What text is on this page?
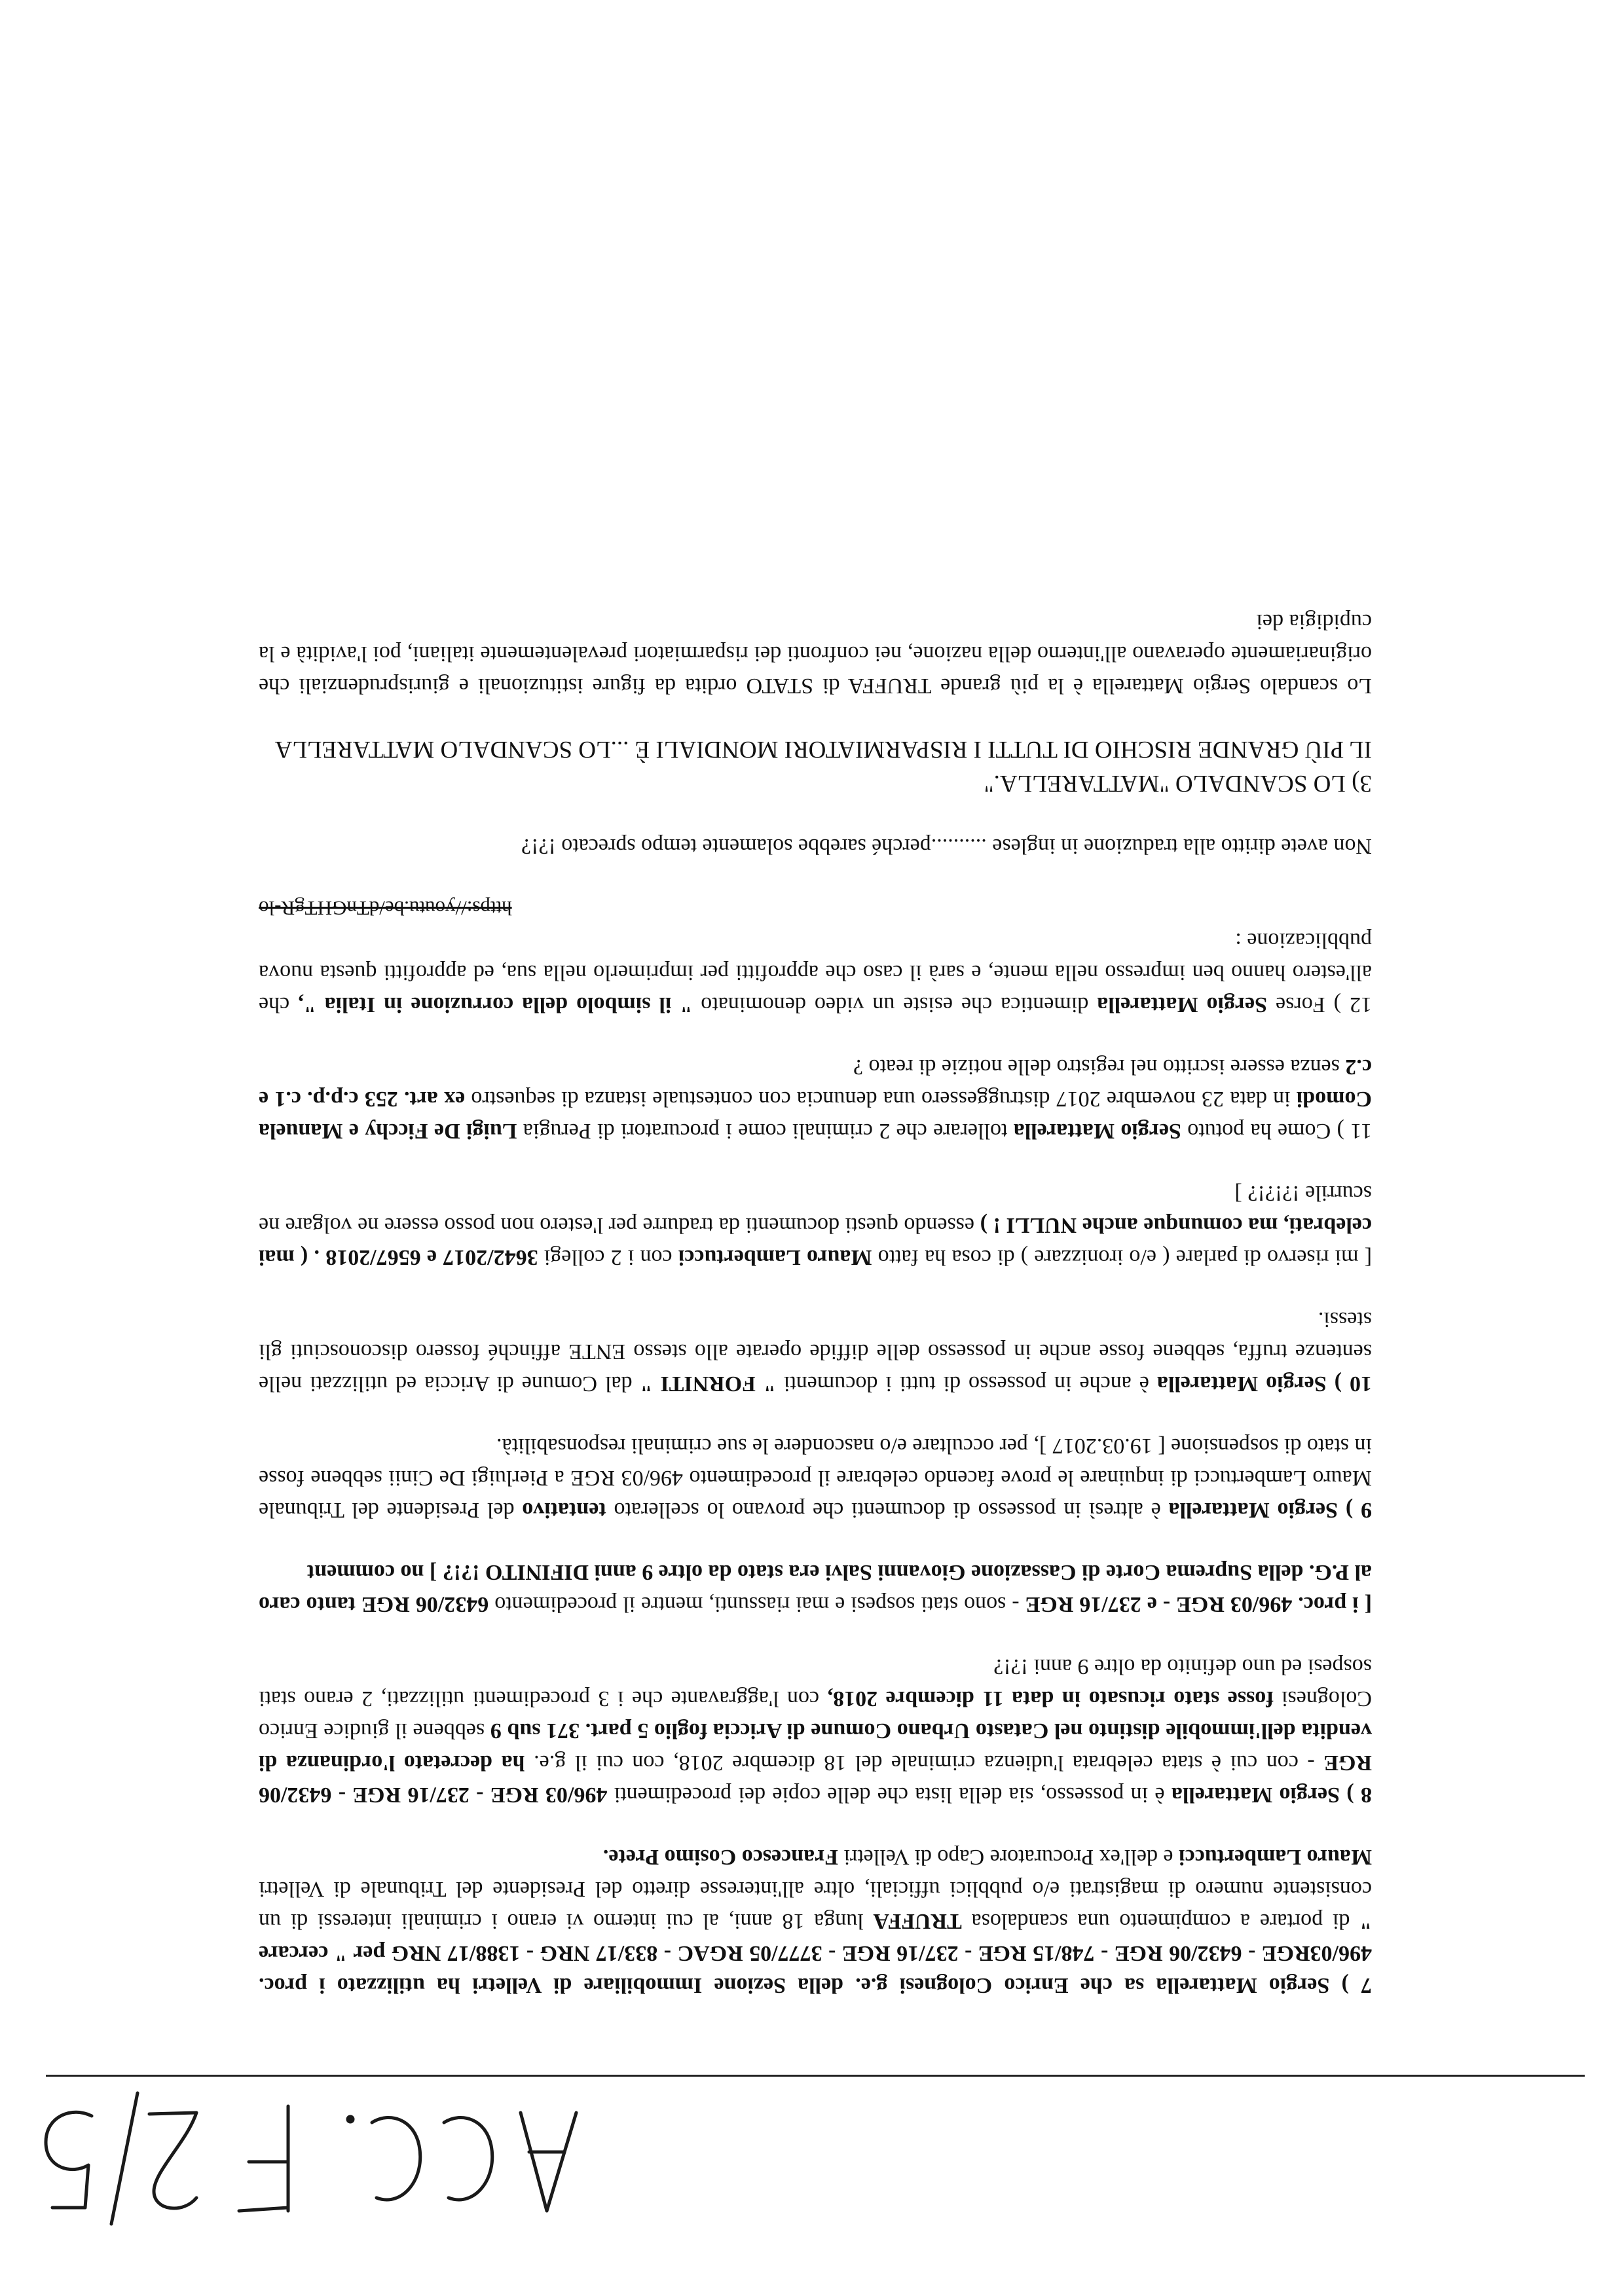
7 ) Sergio Mattarella sa che Enrico Colognesi g.e. della Sezione Immobiliare di Velletri ha utilizzato i proc. 496/03RGE - 6432/06 RGE - 748/15 RGE - 237/16 RGE - 3777/05 RGAC - 833/17 NRG - 1388/17 NRG per " cercare " di portare a compimento una scandalosa TRUFFA lunga 18 anni, al cui interno vi erano i criminali interessi di un consistente numero di magistrati e/o pubblici ufficiali, oltre all'interesse diretto del Presidente del Tribunale di Velletri Mauro Lambertucci e dell'ex Procuratore Capo di Velletri Francesco Cosimo Prete.

8 ) Sergio Mattarella è in possesso, sia della lista che delle copie dei procedimenti 496/03 RGE - 237/16 RGE - 6432/06 RGE - con cui è stata celebrata l'udienza criminale del 18 dicembre 2018, con cui il g.e. ha decretato l'ordinanza di vendita dell'immobile distinto nel Catasto Urbano Comune di Ariccia foglio 5 part. 371 sub 9 sebbene il giudice Enrico Colognesi fosse stato ricusato in data 11 dicembre 2018, con l'aggravante che i 3 procedimenti utilizzati, 2 erano stati sospesi ed uno definito da oltre 9 anni !?!?

[ i proc. 496/03 RGE - e 237/16 RGE - sono stati sospesi e mai riassunti, mentre il procedimento 6432/06 RGE tanto caro al P.G. della Suprema Corte di Cassazione Giovanni Salvi era stato da oltre 9 anni DIFINITO !?!? ] no comment

9 ) Sergio Mattarella è altresì in possesso di documenti che provano lo scellerato tentativo del Presidente del Tribunale Mauro Lambertucci di inquinare le prove facendo celebrare il procedimento 496/03 RGE a Pierluigi De Cinii sebbene fosse in stato di sospensione [ 19.03.2017 ], per occultare e/o nascondere le sue criminali responsabilità.

10 ) Sergio Mattarella è anche in possesso di tutti i documenti " FORNITI " dal Comune di Ariccia ed utilizzati nelle sentenze truffa, sebbene fosse anche in possesso delle diffide operate allo stesso ENTE affinché fossero disconosciuti gli stessi.

[ mi riservo di parlare ( e/o ironizzare ) di cosa ha fatto Mauro Lambertucci con i 2 collegi 3642/2017 e 6567/2018 . ( mai celebrati, ma comunque anche NULLI ! ) essendo questi documenti da tradurre per l'estero non posso essere ne volgare ne scurrile !?!?!? ]

11 ) Come ha potuto Sergio Mattarella tollerare che 2 criminali come i procuratori di Perugia Luigi De Ficchy e Manuela Comodi in data 23 novembre 2017 distruggessero una denuncia con contestuale istanza di sequestro ex art. 253 c.p.p. c.1 e c.2 senza essere iscritto nel registro delle notizie di reato ?

12 ) Forse Sergio Mattarella dimentica che esiste un video denominato " il simbolo della corruzione in Italia ", che all'estero hanno ben impresso nella mente, e sarà il caso che approfitti per imprimerlo nella sua, ed approfitti questa nuova pubblicazione :

https://youtu.be/dTnGHTgR-lo

Non avete diritto alla traduzione in inglese ..........perché sarebbe solamente tempo sprecato !?!?

3) LO SCANDALO "MATTARELLA."
IL PIÙ GRANDE RISCHIO DI TUTTI I RISPARMIATORI MONDIALI È ...LO SCANDALO MATTARELLA

Lo scandalo Sergio Mattarella è la più grande TRUFFA di STATO ordita da figure istituzionali e giurisprudenziali che originariamente operavano all'interno della nazione, nei confronti dei risparmiatori prevalentemente italiani, poi l'avidità e la cupidigia dei
